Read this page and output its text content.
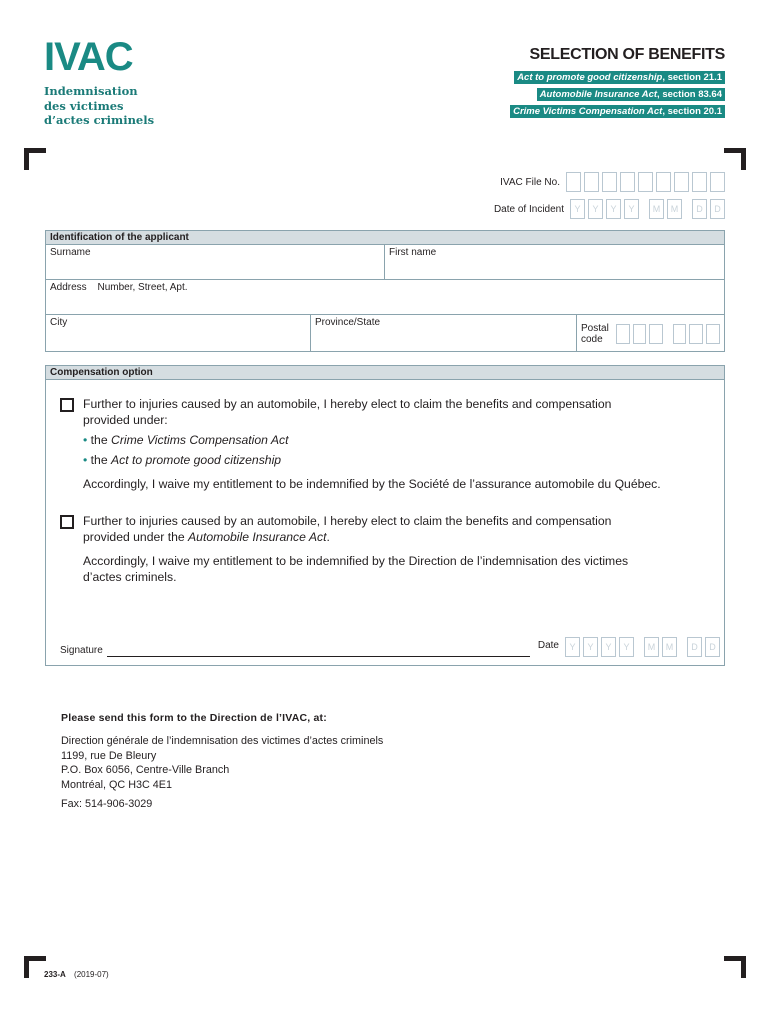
IVAC
Indemnisation
des victimes
d’actes criminels
SELECTION OF BENEFITS
Act to promote good citizenship, section 21.1
Automobile Insurance Act, section 83.64
Crime Victims Compensation Act, section 20.1
IVAC File No.
Date of Incident	Y	Y	Y	Y	M	M	D	D
Identification of the applicant
Surname	First name
Address Number, Street, Apt.
City	Province/State	Postal
code
Compensation option

Further to injuries caused by an automobile, I hereby elect to claim the benefits and compensation

provided under:

• the Crime Victims Compensation Act

• the Act to promote good citizenship

Accordingly, I waive my entitlement to be indemnified by the Société de l’assurance automobile du Québec.

Further to injuries caused by an automobile, I hereby elect to claim the benefits and compensation

provided under the Automobile Insurance Act.

Accordingly, I waive my entitlement to be indemnified by the Direction de l’indemnisation des victimes

d’actes criminels.

Signature	Date	Y	Y	Y	Y	M	M	D	D
Please send this form to the Direction de l’IVAC, at:
Direction générale de l’indemnisation des victimes d’actes criminels
1199, rue De Bleury
P.O. Box 6056, Centre-Ville Branch
Montréal, QC H3C 4E1
Fax: 514-906-3029
233-A (2019-07)
